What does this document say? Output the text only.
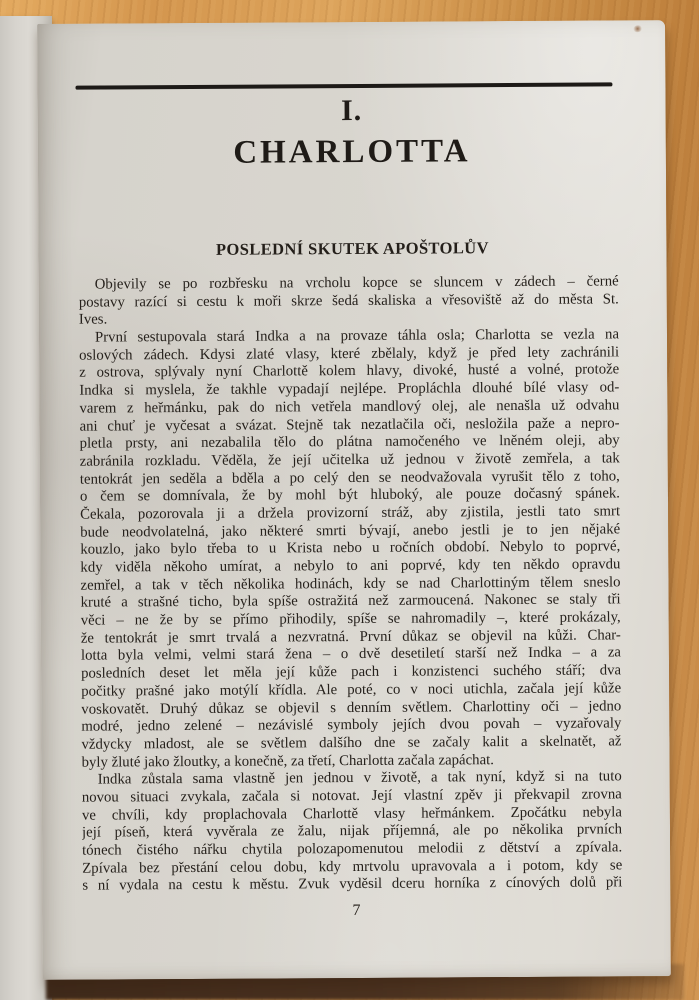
I.
CHARLOTTA
POSLEDNÍ SKUTEK APOŠTOLŮV
Objevily se po rozbřesku na vrcholu kopce se sluncem v zádech – černé
postavy razící si cestu k moři skrze šedá skaliska a vřesoviště až do města St.
Ives.
První sestupovala stará Indka a na provaze táhla osla; Charlotta se vezla na
oslových zádech. Kdysi zlaté vlasy, které zbělaly, když je před lety zachránili
z ostrova, splývaly nyní Charlottě kolem hlavy, divoké, husté a volné, protože
Indka si myslela, že takhle vypadají nejlépe. Propláchla dlouhé bílé vlasy od-
varem z heřmánku, pak do nich vetřela mandlový olej, ale nenašla už odvahu
ani chuť je vyčesat a svázat. Stejně tak nezatlačila oči, nesložila paže a nepro-
pletla prsty, ani nezabalila tělo do plátna namočeného ve lněném oleji, aby
zabránila rozkladu. Věděla, že její učitelka už jednou v životě zemřela, a tak
tentokrát jen seděla a bděla a po celý den se neodvažovala vyrušit tělo z toho,
o čem se domnívala, že by mohl být hluboký, ale pouze dočasný spánek.
Čekala, pozorovala ji a držela provizorní stráž, aby zjistila, jestli tato smrt
bude neodvolatelná, jako některé smrti bývají, anebo jestli je to jen nějaké
kouzlo, jako bylo třeba to u Krista nebo u ročních období. Nebylo to poprvé,
kdy viděla někoho umírat, a nebylo to ani poprvé, kdy ten někdo opravdu
zemřel, a tak v těch několika hodinách, kdy se nad Charlottiným tělem sneslo
kruté a strašné ticho, byla spíše ostražitá než zarmoucená. Nakonec se staly tři
věci – ne že by se přímo přihodily, spíše se nahromadily –, které prokázaly,
že tentokrát je smrt trvalá a nezvratná. První důkaz se objevil na kůži. Char-
lotta byla velmi, velmi stará žena – o dvě desetiletí starší než Indka – a za
posledních deset let měla její kůže pach i konzistenci suchého stáří; dva
počitky prašné jako motýlí křídla. Ale poté, co v noci utichla, začala její kůže
voskovatět. Druhý důkaz se objevil s denním světlem. Charlottiny oči – jedno
modré, jedno zelené – nezávislé symboly jejích dvou povah – vyzařovaly
vždycky mladost, ale se světlem dalšího dne se začaly kalit a skelnatět, až
byly žluté jako žloutky, a konečně, za třetí, Charlotta začala zapáchat.
Indka zůstala sama vlastně jen jednou v životě, a tak nyní, když si na tuto
novou situaci zvykala, začala si notovat. Její vlastní zpěv ji překvapil zrovna
ve chvíli, kdy proplachovala Charlottě vlasy heřmánkem. Zpočátku nebyla
její píseň, která vyvěrala ze žalu, nijak příjemná, ale po několika prvních
tónech čistého nářku chytila polozapomenutou melodii z dětství a zpívala.
Zpívala bez přestání celou dobu, kdy mrtvolu upravovala a i potom, kdy se
s ní vydala na cestu k městu. Zvuk vyděsil dceru horníka z cínových dolů při
7
